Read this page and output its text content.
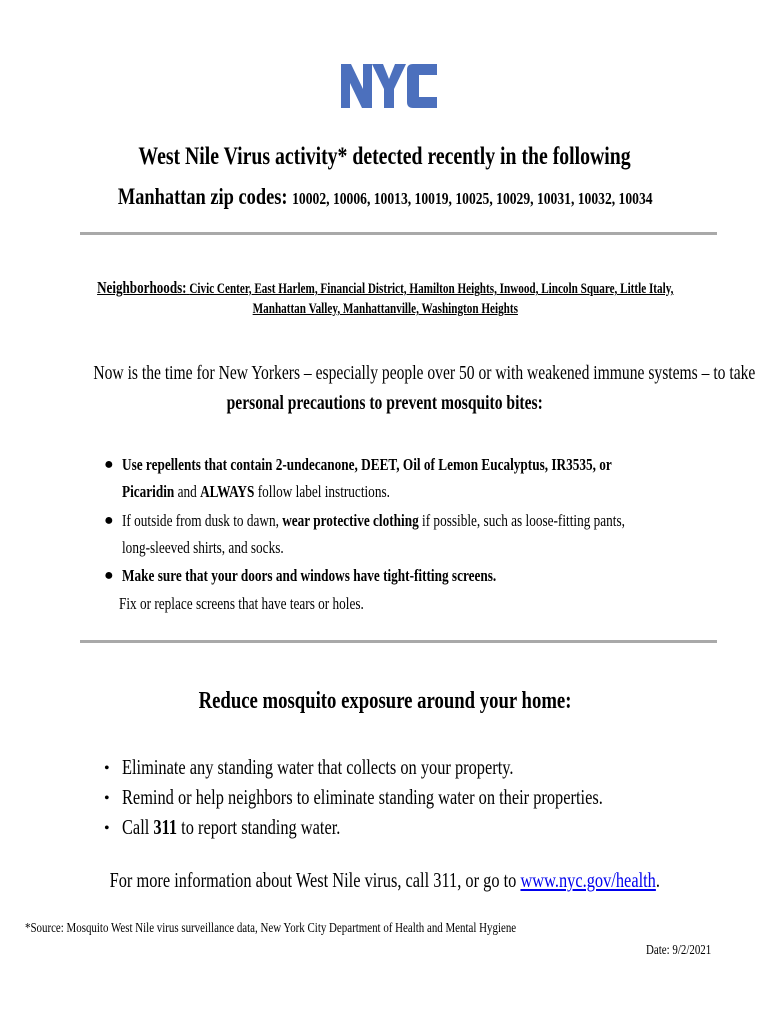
West Nile Virus activity* detected recently in the following
Manhattan zip codes: 10002, 10006, 10013, 10019, 10025, 10029, 10031, 10032, 10034
Neighborhoods: Civic Center, East Harlem, Financial District, Hamilton Heights, Inwood, Lincoln Square, Little Italy,
Manhattan Valley, Manhattanville, Washington Heights
Now is the time for New Yorkers – especially people over 50 or with weakened immune systems – to take
personal precautions to prevent mosquito bites:
● Use repellents that contain 2-undecanone, DEET, Oil of Lemon Eucalyptus, IR3535, or
Picaridin and ALWAYS follow label instructions.
● If outside from dusk to dawn, wear protective clothing if possible, such as loose-fitting pants,
long-sleeved shirts, and socks.
● Make sure that your doors and windows have tight-fitting screens.
Fix or replace screens that have tears or holes.
Reduce mosquito exposure around your home:
• Eliminate any standing water that collects on your property.
• Remind or help neighbors to eliminate standing water on their properties.
• Call 311 to report standing water.
For more information about West Nile virus, call 311, or go to www.nyc.gov/health.
*Source: Mosquito West Nile virus surveillance data, New York City Department of Health and Mental Hygiene
Date: 9/2/2021
